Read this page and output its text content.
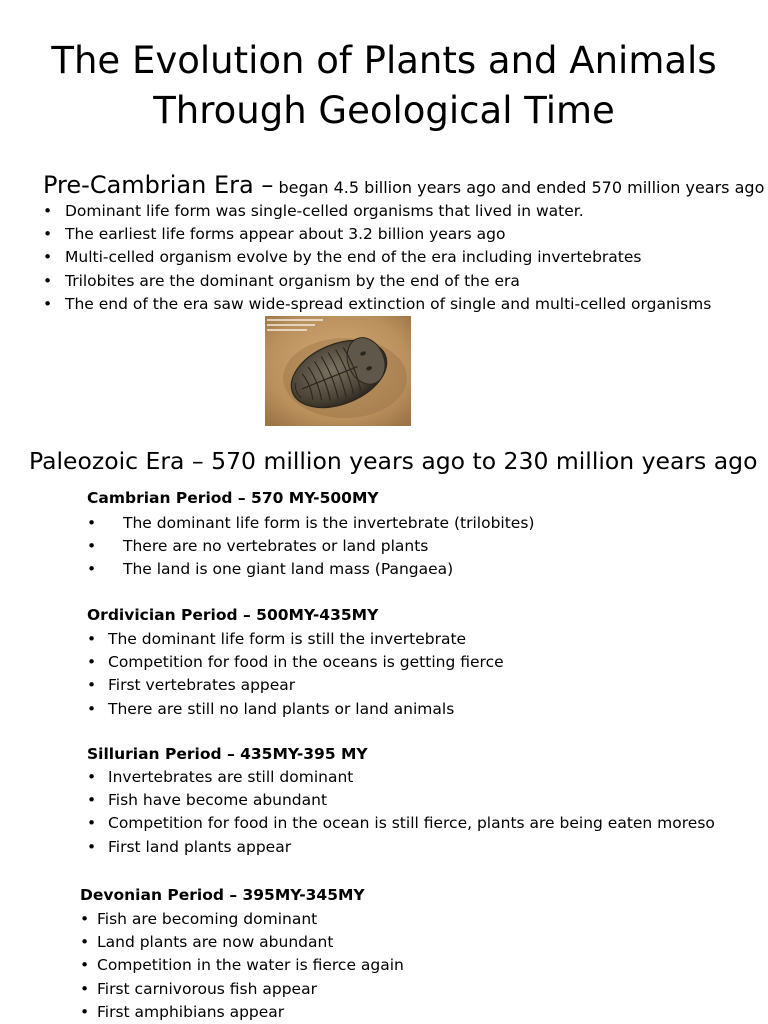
The Evolution of Plants and Animals
Through Geological Time
Pre-Cambrian Era – began 4.5 billion years ago and ended 570 million years ago
• Dominant life form was single-celled organisms that lived in water.
• The earliest life forms appear about 3.2 billion years ago
• Multi-celled organism evolve by the end of the era including invertebrates
• Trilobites are the dominant organism by the end of the era
• The end of the era saw wide-spread extinction of single and multi-celled organisms
Paleozoic Era – 570 million years ago to 230 million years ago
Cambrian Period – 570 MY-500MY
• The dominant life form is the invertebrate (trilobites)
• There are no vertebrates or land plants
• The land is one giant land mass (Pangaea)
Ordivician Period – 500MY-435MY
• The dominant life form is still the invertebrate
• Competition for food in the oceans is getting fierce
• First vertebrates appear
• There are still no land plants or land animals
Sillurian Period – 435MY-395 MY
• Invertebrates are still dominant
• Fish have become abundant
• Competition for food in the ocean is still fierce, plants are being eaten moreso
• First land plants appear
Devonian Period – 395MY-345MY
• Fish are becoming dominant
• Land plants are now abundant
• Competition in the water is fierce again
• First carnivorous fish appear
• First amphibians appear
